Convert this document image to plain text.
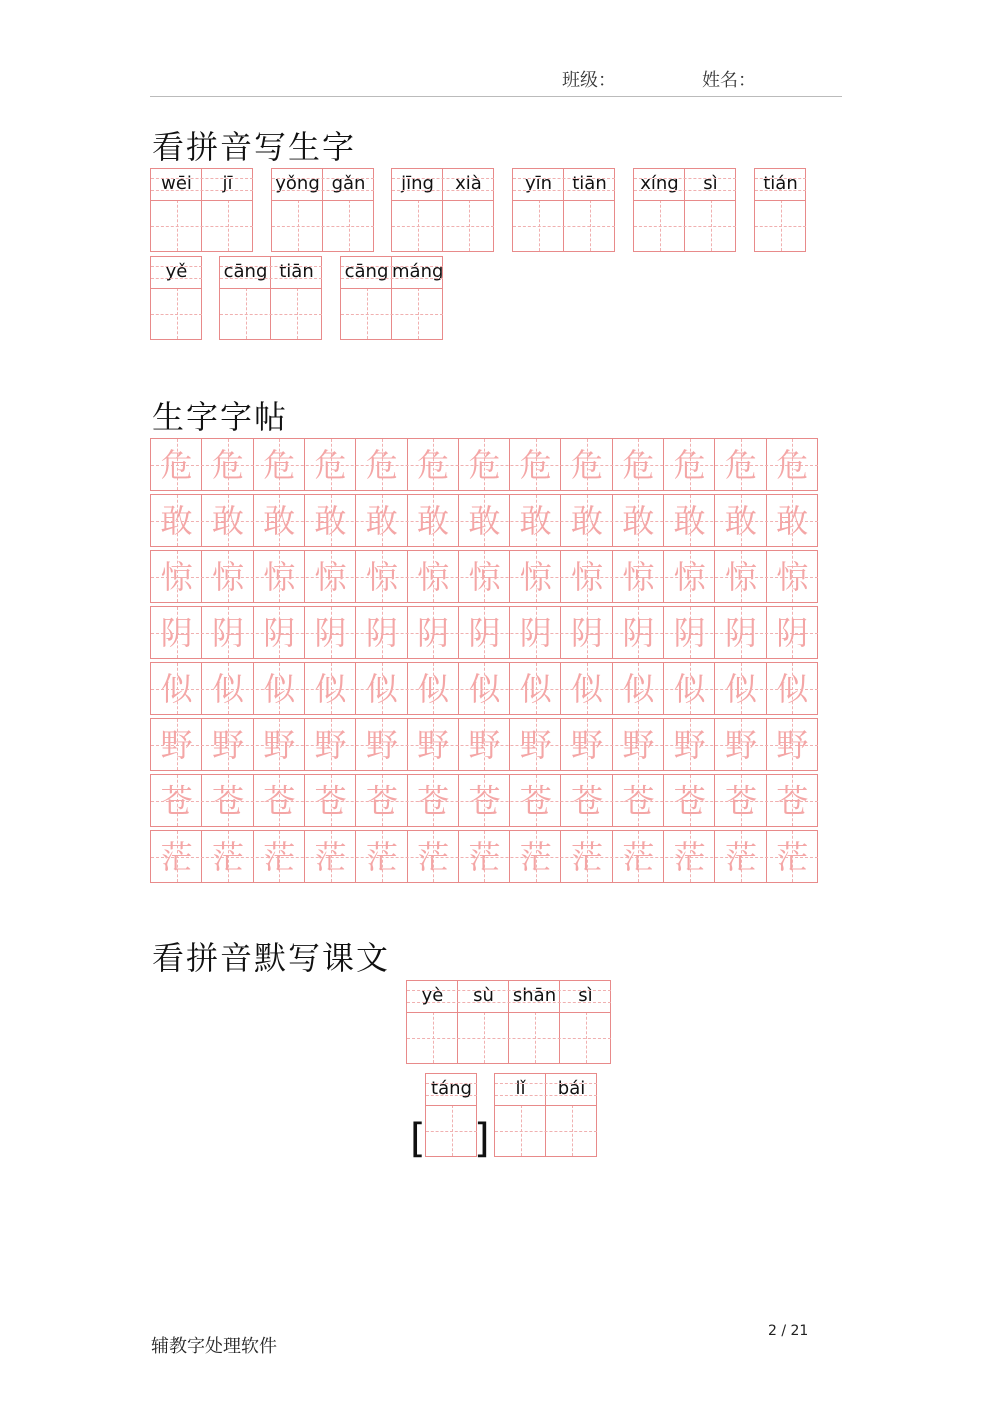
班级：	姓名：
看拼音写生字
wēi	jī	yǒng gǎn	jīng	xià	yīn	tiān	xíng	sì	tián
yě	cāng tiān	cāng máng
生字字帖
危 危 危 危 危 危 危 危 危 危 危 危 危
敢 敢 敢 敢 敢 敢 敢 敢 敢 敢 敢 敢 敢
惊 惊 惊 惊 惊 惊 惊 惊 惊 惊 惊 惊 惊
阴 阴 阴 阴 阴 阴 阴 阴 阴 阴 阴 阴 阴
似 似 似 似 似 似 似 似 似 似 似 似 似
野 野 野 野 野 野 野 野 野 野 野 野 野
苍 苍 苍 苍 苍 苍 苍 苍 苍 苍 苍 苍 苍
茫 茫 茫 茫 茫 茫 茫 茫 茫 茫 茫 茫 茫
看拼音默写课文
yè	sù	shān	sì
táng	lǐ	bái
[ ]
辅教字处理软件
2 / 21
